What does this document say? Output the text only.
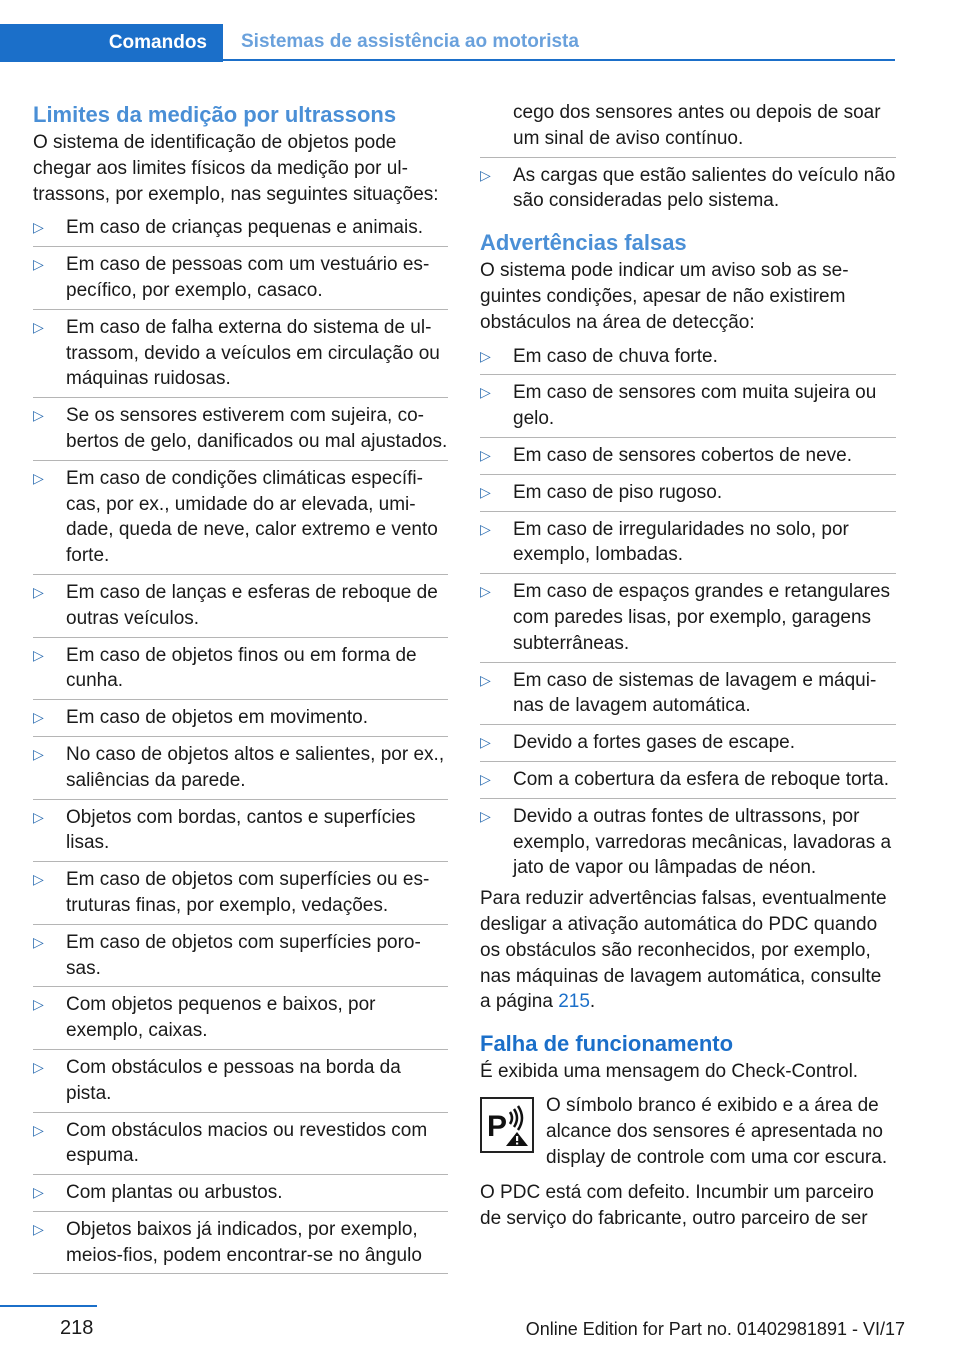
Comandos	Sistemas de assistência ao motorista
Limites da medição por ultrassons

O sistema de identificação de objetos pode chegar aos limites físicos da medição por ultrassons, por exemplo, nas seguintes situações:

▷ Em caso de crianças pequenas e animais.
▷ Em caso de pessoas com um vestuário específico, por exemplo, casaco.
▷ Em caso de falha externa do sistema de ultrassom, devido a veículos em circulação ou máquinas ruidosas.
▷ Se os sensores estiverem com sujeira, cobertos de gelo, danificados ou mal ajustados.
▷ Em caso de condições climáticas específicas, por ex., umidade do ar elevada, umidade, queda de neve, calor extremo e vento forte.
▷ Em caso de lanças e esferas de reboque de outras veículos.
▷ Em caso de objetos finos ou em forma de cunha.
▷ Em caso de objetos em movimento.
▷ No caso de objetos altos e salientes, por ex., saliências da parede.
▷ Objetos com bordas, cantos e superfícies lisas.
▷ Em caso de objetos com superfícies ou estruturas finas, por exemplo, vedações.
▷ Em caso de objetos com superfícies porosas.
▷ Com objetos pequenos e baixos, por exemplo, caixas.
▷ Com obstáculos e pessoas na borda da pista.
▷ Com obstáculos macios ou revestidos com espuma.
▷ Com plantas ou arbustos.
▷ Objetos baixos já indicados, por exemplo, meios-fios, podem encontrar-se no ângulo
cego dos sensores antes ou depois de soar um sinal de aviso contínuo.
▷ As cargas que estão salientes do veículo não são consideradas pelo sistema.
Advertências falsas

O sistema pode indicar um aviso sob as seguintes condições, apesar de não existirem obstáculos na área de detecção:

▷ Em caso de chuva forte.
▷ Em caso de sensores com muita sujeira ou gelo.
▷ Em caso de sensores cobertos de neve.
▷ Em caso de piso rugoso.
▷ Em caso de irregularidades no solo, por exemplo, lombadas.
▷ Em caso de espaços grandes e retangulares com paredes lisas, por exemplo, garagens subterrâneas.
▷ Em caso de sistemas de lavagem e máquinas de lavagem automática.
▷ Devido a fortes gases de escape.
▷ Com a cobertura da esfera de reboque torta.
▷ Devido a outras fontes de ultrassons, por exemplo, varredoras mecânicas, lavadoras a jato de vapor ou lâmpadas de néon.

Para reduzir advertências falsas, eventualmente desligar a ativação automática do PDC quando os obstáculos são reconhecidos, por exemplo, nas máquinas de lavagem automática, consulte a página 215.

Falha de funcionamento

É exibida uma mensagem do Check-Control.

P
O símbolo branco é exibido e a área de alcance dos sensores é apresentada no display de controle com uma cor escura.

O PDC está com defeito. Incumbir um parceiro de serviço do fabricante, outro parceiro de ser

218	Online Edition for Part no. 01402981891 - VI/17
